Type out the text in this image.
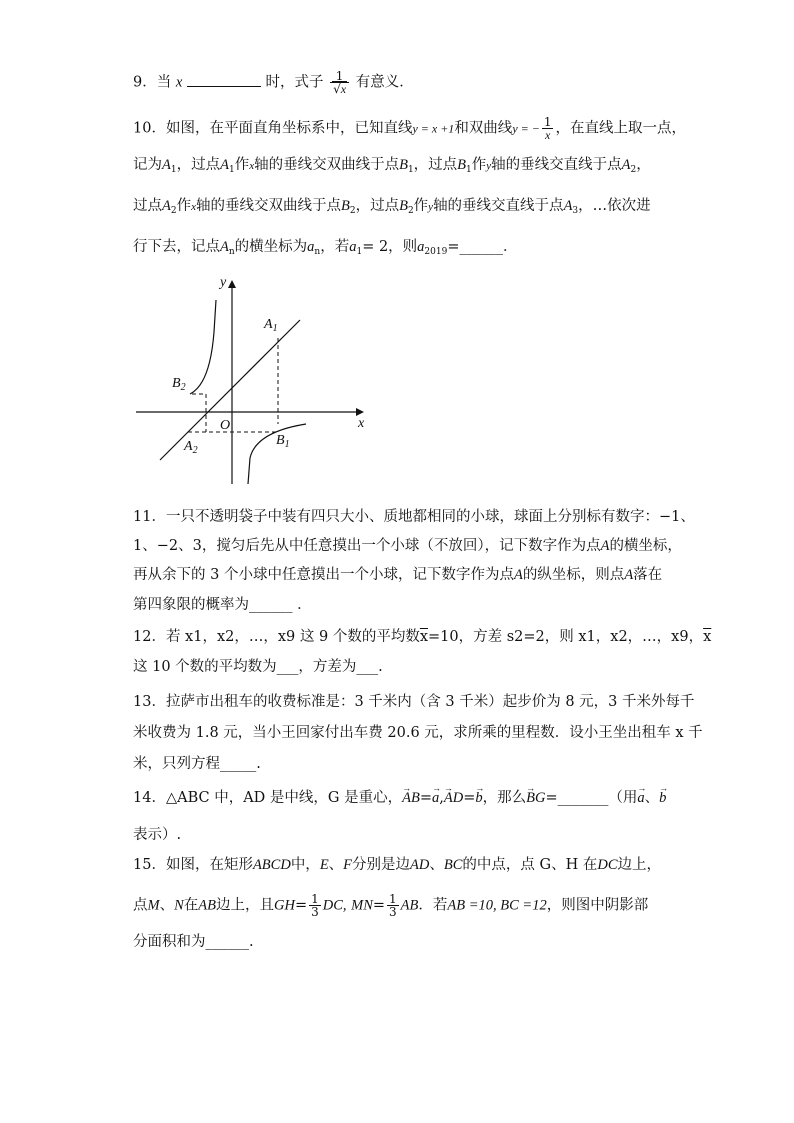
9．当 x	时，式子 $\frac{1}{√x}$ 有意义．
10．如图，在平面直角坐标系中，已知直线y = x +1和双曲线y = − $\frac{1}{x}$ ，在直线上取一点，
记为$A_1$，过点$A_1$作x轴的垂线交双曲线于点$B_1$，过点$B_1$作y轴的垂线交直线于点$A_2$，
过点$A_2$作x轴的垂线交双曲线于点$B_2$，过点$B_2$作y轴的垂线交直线于点$A_3$，…依次进
行下去，记点$A_n$的横坐标为$a_n$，若$a_1= 2$，则$a_{2019}=\_\_\_\_\_\_$．
y
x
O
$A_1$
$B_2$
$A_2$
$B_1$
11．一只不透明袋子中装有四只大小、质地都相同的小球，球面上分别标有数字：−1、
1、−2、3，搅匀后先从中任意摸出一个小球（不放回），记下数字作为点A的横坐标，
再从余下的 3 个小球中任意摸出一个小球，记下数字作为点A的纵坐标，则点A落在
第四象限的概率为______ ．
12．若 x1，x2，…，x9 这 9 个数的平均数$\overline{x}=10$，方差 s2=2，则 x1，x2，…，x9，$\overline{x}$
这 10 个数的平均数为___，方差为___.
13．拉萨市出租车的收费标准是：3 千米内（含 3 千米）起步价为 8 元，3 千米外每千
米收费为 1.8 元，当小王回家付出车费 20.6 元，求所乘的里程数．设小王坐出租车 x 千
米，只列方程_____.
14．△ABC 中，AD 是中线，G 是重心，→ AB=→ a,→ AD=→ b，那么→ BG=_______（用→ a、→ b
表示）.
15．如图，在矩形ABCD中，E、F分别是边AD、BC的中点，点 G、H 在DC边上，
点M、N在AB边上，且$GH= \frac{1}{3}$ DC, $MN= \frac{1}{3}$ AB．若AB =10, BC =12，则图中阴影部
分面积和为______.
